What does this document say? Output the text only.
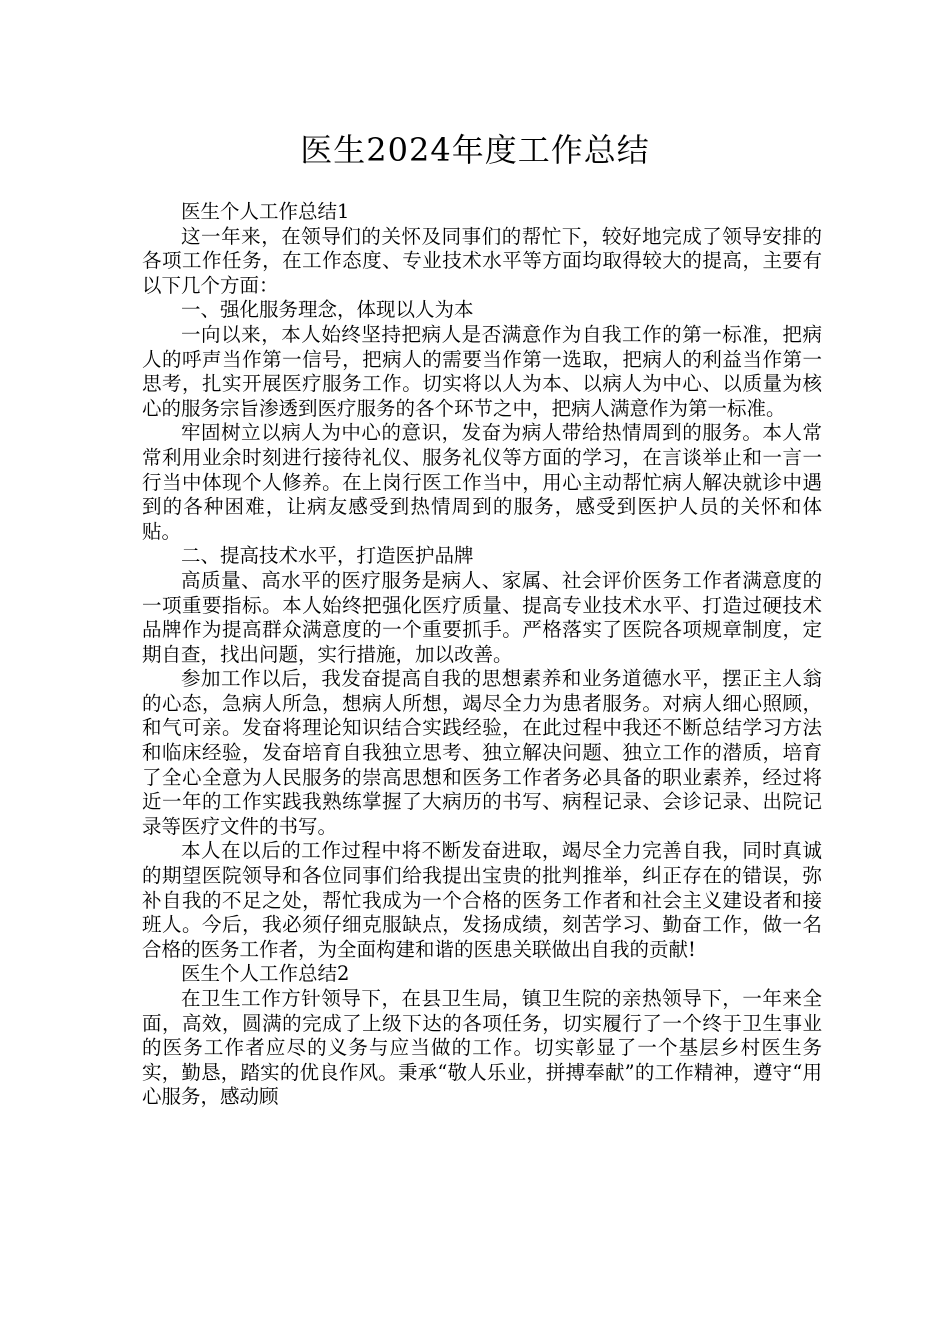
医生2024年度工作总结

医生个人工作总结1

这一年来，在领导们的关怀及同事们的帮忙下，较好地完成了领导安排的各项工作任务，在工作态度、专业技术水平等方面均取得较大的提高，主要有以下几个方面：

一、强化服务理念，体现以人为本

一向以来，本人始终坚持把病人是否满意作为自我工作的第一标准，把病人的呼声当作第一信号，把病人的需要当作第一选取，把病人的利益当作第一思考，扎实开展医疗服务工作。切实将以人为本、以病人为中心、以质量为核心的服务宗旨渗透到医疗服务的各个环节之中，把病人满意作为第一标准。

牢固树立以病人为中心的意识，发奋为病人带给热情周到的服务。本人常常利用业余时刻进行接待礼仪、服务礼仪等方面的学习，在言谈举止和一言一行当中体现个人修养。在上岗行医工作当中，用心主动帮忙病人解决就诊中遇到的各种困难，让病友感受到热情周到的服务，感受到医护人员的关怀和体贴。

二、提高技术水平，打造医护品牌

高质量、高水平的医疗服务是病人、家属、社会评价医务工作者满意度的一项重要指标。本人始终把强化医疗质量、提高专业技术水平、打造过硬技术品牌作为提高群众满意度的一个重要抓手。严格落实了医院各项规章制度，定期自查，找出问题，实行措施，加以改善。

参加工作以后，我发奋提高自我的思想素养和业务道德水平，摆正主人翁的心态，急病人所急，想病人所想，竭尽全力为患者服务。对病人细心照顾，和气可亲。发奋将理论知识结合实践经验，在此过程中我还不断总结学习方法和临床经验，发奋培育自我独立思考、独立解决问题、独立工作的潜质，培育了全心全意为人民服务的崇高思想和医务工作者务必具备的职业素养，经过将近一年的工作实践我熟练掌握了大病历的书写、病程记录、会诊记录、出院记录等医疗文件的书写。

本人在以后的工作过程中将不断发奋进取，竭尽全力完善自我，同时真诚的期望医院领导和各位同事们给我提出宝贵的批判推举，纠正存在的错误，弥补自我的不足之处，帮忙我成为一个合格的医务工作者和社会主义建设者和接班人。今后，我必须仔细克服缺点，发扬成绩，刻苦学习、勤奋工作，做一名合格的医务工作者，为全面构建和谐的医患关联做出自我的贡献!

医生个人工作总结2

在卫生工作方针领导下，在县卫生局，镇卫生院的亲热领导下，一年来全面，高效，圆满的完成了上级下达的各项任务，切实履行了一个终于卫生事业的医务工作者应尽的义务与应当做的工作。切实彰显了一个基层乡村医生务实，勤恳，踏实的优良作风。秉承“敬人乐业，拼搏奉献”的工作精神，遵守“用心服务，感动顾
